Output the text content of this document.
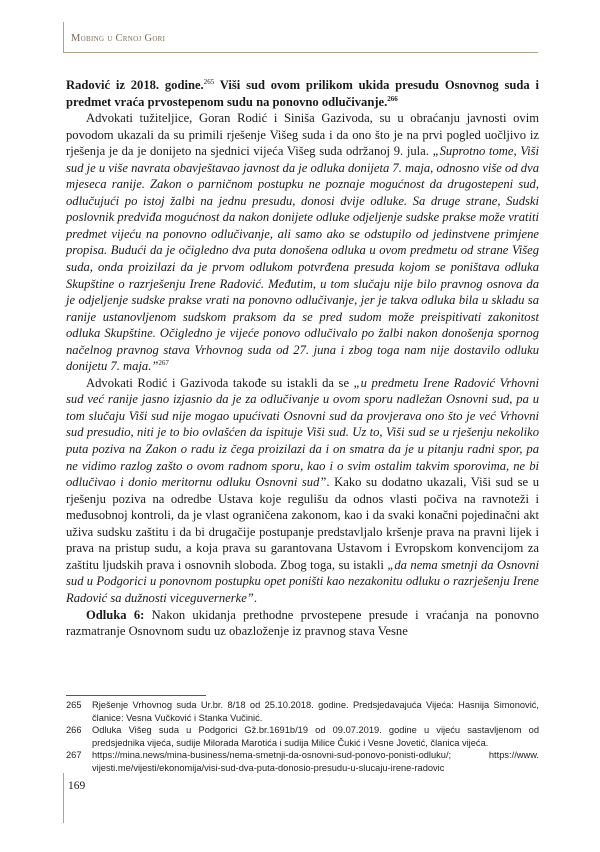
Mobing u Crnoj Gori

Radović iz 2018. godine.$^{265}$ Viši sud ovom prilikom ukida presudu Osnovnog suda i predmet vraća prvostepenom sudu na ponovno odlučivanje.$^{266}$

Advokati tužiteljice, Goran Rodić i Siniša Gazivoda, su u obraćanju javnosti ovim povodom ukazali da su primili rješenje Višeg suda i da ono što je na prvi pogled uočljivo iz rješenja je da je donijeto na sjednici vijeća Višeg suda održanoj 9. jula. „Suprotno tome, Viši sud je u više navrata obavještavao javnost da je odluka donijeta 7. maja, odnosno više od dva mjeseca ranije. Zakon o parničnom postupku ne poznaje mogućnost da drugostepeni sud, odlučujući po istoj žalbi na jednu presudu, donosi dvije odluke. Sa druge strane, Sudski poslovnik predviđa mogućnost da nakon donijete odluke odjeljenje sudske prakse može vratiti predmet vijeću na ponovno odlučivanje, ali samo ako se odstupilo od jedinstvene primjene propisa. Budući da je očigledno dva puta donošena odluka u ovom predmetu od strane Višeg suda, onda proizilazi da je prvom odlukom potvrđena presuda kojom se poništava odluka Skupštine o razrješenju Irene Radović. Međutim, u tom slučaju nije bilo pravnog osnova da je odjeljenje sudske prakse vrati na ponovno odlučivanje, jer je takva odluka bila u skladu sa ranije ustanovljenom sudskom praksom da se pred sudom može preispitivati zakonitost odluka Skupštine. Očigledno je vijeće ponovo odlučivalo po žalbi nakon donošenja spornog načelnog pravnog stava Vrhovnog suda od 27. juna i zbog toga nam nije dostavilo odluku donijetu 7. maja.”$^{267}$

Advokati Rodić i Gazivoda takođe su istakli da se „u predmetu Irene Radović Vrhovni sud već ranije jasno izjasnio da je za odlučivanje u ovom sporu nadležan Osnovni sud, pa u tom slučaju Viši sud nije mogao upućivati Osnovni sud da provjerava ono što je već Vrhovni sud presudio, niti je to bio ovlašćen da ispituje Viši sud. Uz to, Viši sud se u rješenju nekoliko puta poziva na Zakon o radu iz čega proizilazi da i on smatra da je u pitanju radni spor, pa ne vidimo razlog zašto o ovom radnom sporu, kao i o svim ostalim takvim sporovima, ne bi odlučivao i donio meritornu odluku Osnovni sud”. Kako su dodatno ukazali, Viši sud se u rješenju poziva na odredbe Ustava koje regulišu da odnos vlasti počiva na ravnoteži i međusobnoj kontroli, da je vlast ograničena zakonom, kao i da svaki konačni pojedinačni akt uživa sudsku zaštitu i da bi drugačije postupanje predstavljalo kršenje prava na pravni lijek i prava na pristup sudu, a koja prava su garantovana Ustavom i Evropskom konvencijom za zaštitu ljudskih prava i osnovnih sloboda. Zbog toga, su istakli „da nema smetnji da Osnovni sud u Podgorici u ponovnom postupku opet poništi kao nezakonitu odluku o razrješenju Irene Radović sa dužnosti viceguvernerke”.

Odluka 6: Nakon ukidanja prethodne prvostepene presude i vraćanja na ponovno razmatranje Osnovnom sudu uz obazloženje iz pravnog stava Vesne

265	Rješenje Vrhovnog suda Ur.br. 8/18 od 25.10.2018. godine. Predsjedavajuća Vijeća: Hasnija Simonović, članice: Vesna Vučković i Stanka Vučinić.
266	Odluka Višeg suda u Podgorici Gž.br.1691b/19 od 09.07.2019. godine u vijeću sastavljenom od predsjednika vijeća, sudije Milorada Marotića i sudija Milice Čukić i Vesne Jovetić, članica vijeća.
267	https://mina.news/mina-business/nema-smetnji-da-osnovni-sud-ponovo-ponisti-odluku/;	https://www.
vijesti.me/vijesti/ekonomija/visi-sud-dva-puta-donosio-presudu-u-slucaju-irene-radovic
169
